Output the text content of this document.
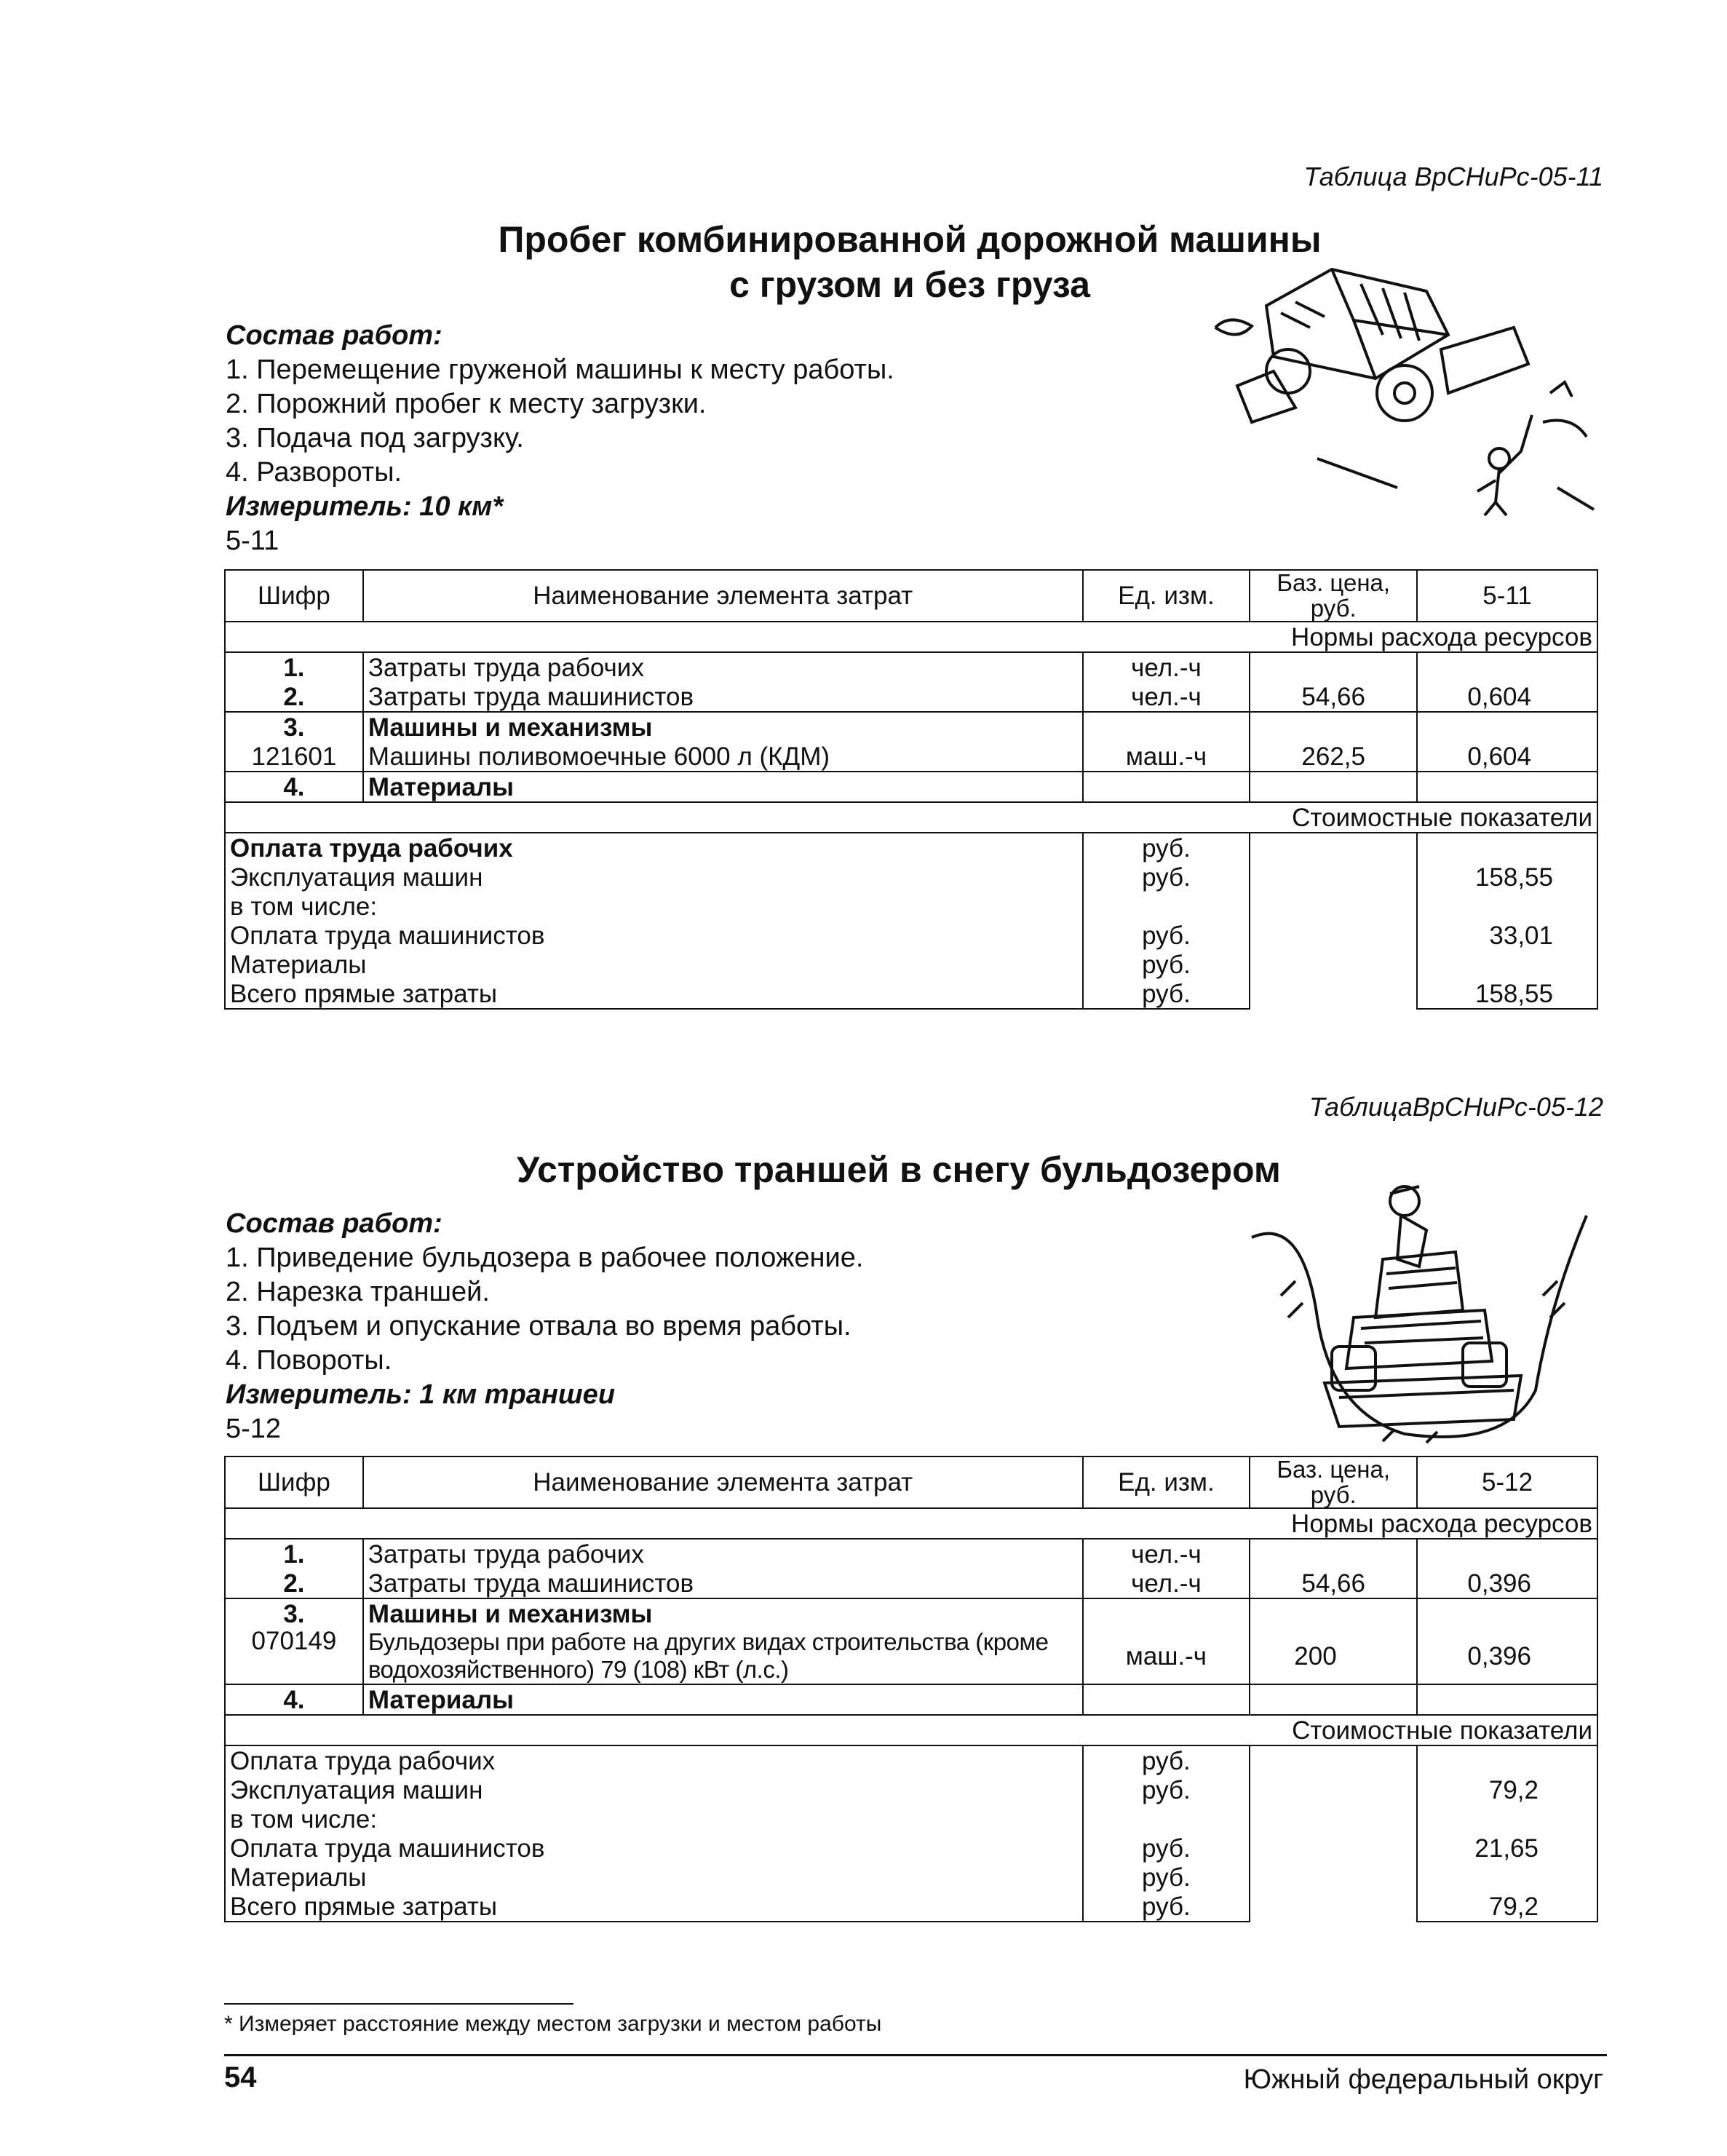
Таблица ВрСНиРс-05-11
Пробег комбинированной дорожной машины
с грузом и без груза
Состав работ:
1. Перемещение груженой машины к месту работы.
2. Порожний пробег к месту загрузки.
3. Подача под загрузку.
4. Развороты.
Измеритель: 10 км*
5-11
Шифр	Наименование элемента затрат	Ед. изм.	Баз. цена, руб.	5-11
Нормы расхода ресурсов				
1.	Затраты труда рабочих	чел.-ч		
2.	Затраты труда машинистов	чел.-ч	54,66	0,604
3.	Машины и механизмы			
121601	Машины поливомоечные 6000 л (КДМ)	маш.-ч	262,5	0,604
4.	Материалы			
Стоимостные показатели				
Оплата труда рабочих		руб.		
Эксплуатация машин		руб.		158,55
в том числе:				
Оплата труда машинистов		руб.		33,01
Материалы		руб.		
Всего прямые затраты		руб.		158,55
ТаблицаВрСНиРс-05-12
Устройство траншей в снегу бульдозером
Состав работ:
1. Приведение бульдозера в рабочее положение.
2. Нарезка траншей.
3. Подъем и опускание отвала во время работы.
4. Повороты.
Измеритель: 1 км траншеи
5-12
Шифр	Наименование элемента затрат	Ед. изм.	Баз. цена, руб.	5-12
Нормы расхода ресурсов				
1.	Затраты труда рабочих	чел.-ч		
2.	Затраты труда машинистов	чел.-ч	54,66	0,396
3.	Машины и механизмы			
070149	Бульдозеры при работе на других видах строительства (кроме водохозяйственного) 79 (108) кВт (л.с.)	маш.-ч	200	0,396
4.	Материалы			
Стоимостные показатели				
Оплата труда рабочих		руб.		
Эксплуатация машин		руб.		79,2
в том числе:				
Оплата труда машинистов		руб.		21,65
Материалы		руб.		
Всего прямые затраты		руб.		79,2
* Измеряет расстояние между местом загрузки и местом работы
54	Южный федеральный округ
